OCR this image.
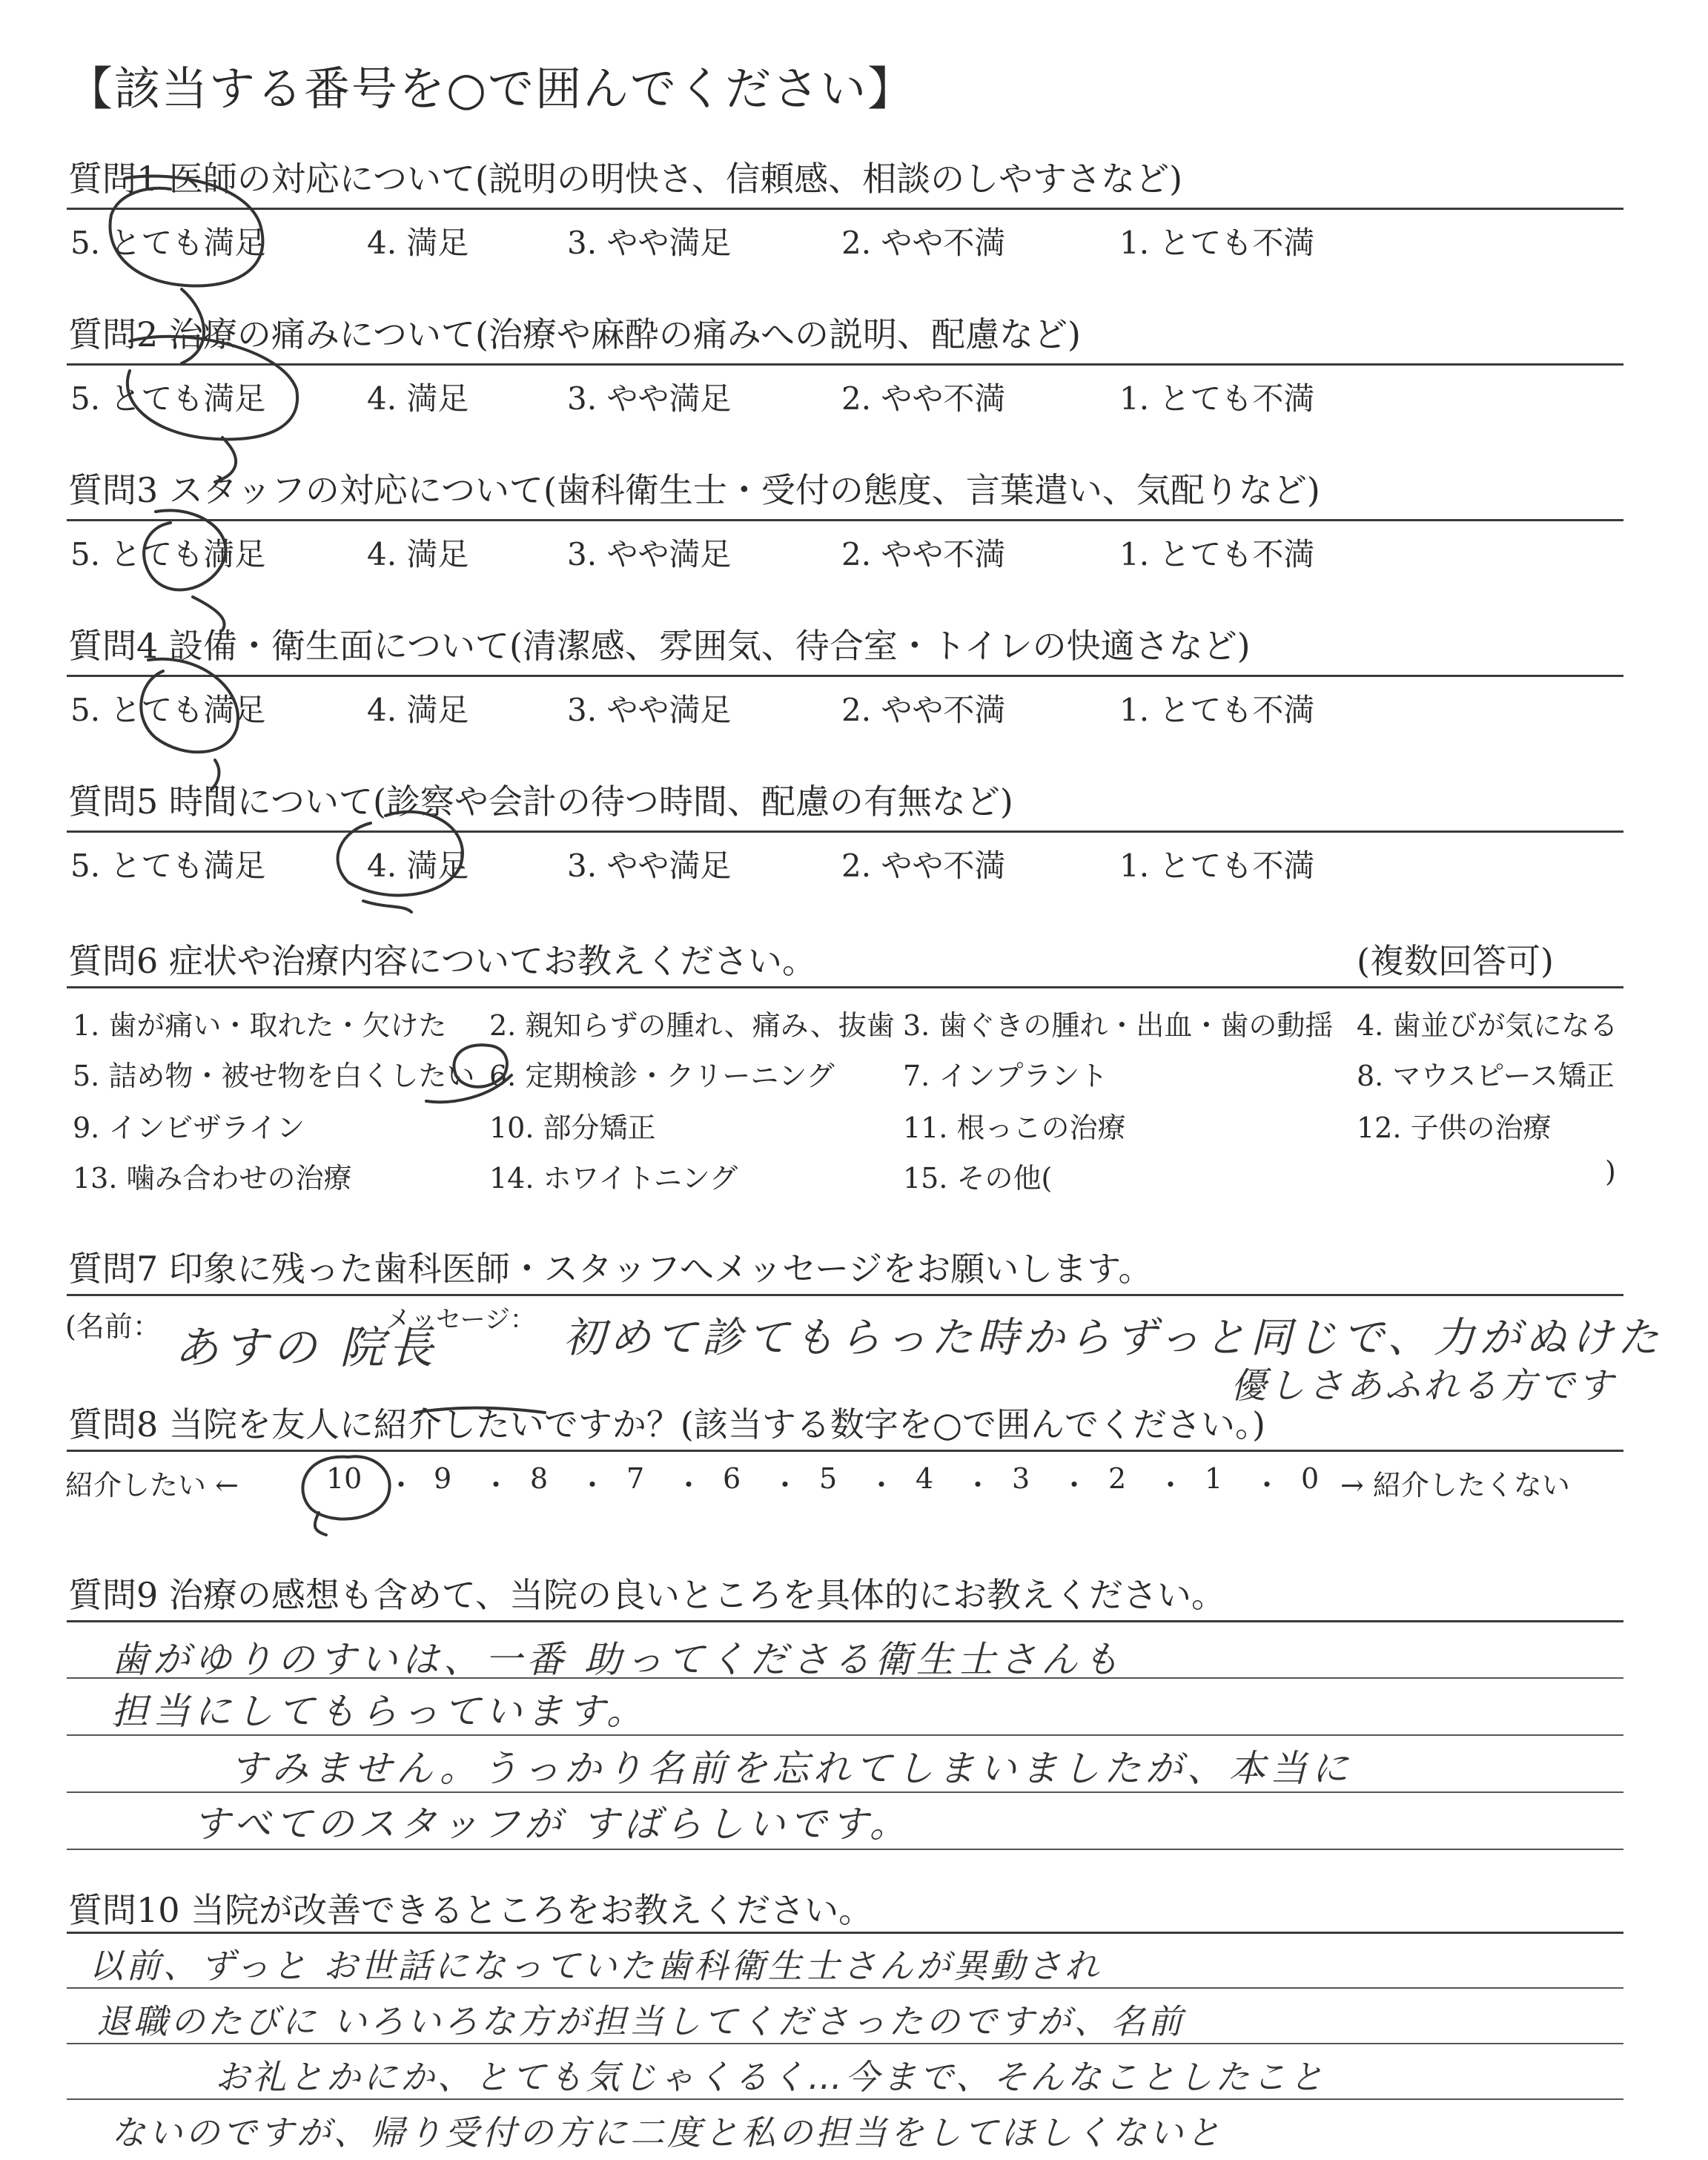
【該当する番号を○で囲んでください】
質問1 医師の対応について(説明の明快さ、信頼感、相談のしやすさなど)
5. とても満足	4. 満足	3. やや満足	2. やや不満	1. とても不満
質問2 治療の痛みについて(治療や麻酔の痛みへの説明、配慮など)
5. とても満足	4. 満足	3. やや満足	2. やや不満	1. とても不満
質問3 スタッフの対応について(歯科衛生士・受付の態度、言葉遣い、気配りなど)
5. とても満足	4. 満足	3. やや満足	2. やや不満	1. とても不満
質問4 設備・衛生面について(清潔感、雰囲気、待合室・トイレの快適さなど)
5. とても満足	4. 満足	3. やや満足	2. やや不満	1. とても不満
質問5 時間について(診察や会計の待つ時間、配慮の有無など)
5. とても満足	4. 満足	3. やや満足	2. やや不満	1. とても不満
質問6 症状や治療内容についてお教えください。	(複数回答可)
1. 歯が痛い・取れた・欠けた 2. 親知らずの腫れ、痛み、抜歯 3. 歯ぐきの腫れ・出血・歯の動揺 4. 歯並びが気になる
5. 詰め物・被せ物を白くしたい 6. 定期検診・クリーニング 7. インプラント	8. マウスピース矯正
9. インビザライン	10. 部分矯正	11. 根っこの治療	12. 子供の治療
13. 噛み合わせの治療	14. ホワイトニング	15. その他(	)
質問7 印象に残った歯科医師・スタッフへメッセージをお願いします。
(名前：	メッセージ：
あすの 院長	初めて診てもらった時からずっと同じで、力がぬけた
優しさあふれる方です
質問8 当院を友人に紹介したいですか？(該当する数字を○で囲んでください。)
紹介したい ←	10 ・ 9 ・ 8 ・ 7 ・ 6 ・ 5 ・ 4 ・ 3 ・ 2 ・ 1 ・ 0 → 紹介したくない
質問9 治療の感想も含めて、当院の良いところを具体的にお教えください。
歯がゆりのすいは、一番 助ってくださる衛生士さんも
担当にしてもらっています。
すみません。うっかり名前を忘れてしまいましたが、本当に
すべてのスタッフが すばらしいです。
質問10 当院が改善できるところをお教えください。
以前、ずっと お世話になっていた歯科衛生士さんが異動され
退職のたびに いろいろな方が担当してくださったのですが、名前
お礼とかにか、とても気じゃくるく…今まで、そんなことしたこと
ないのですが、帰り受付の方に二度と私の担当をしてほしくないと
